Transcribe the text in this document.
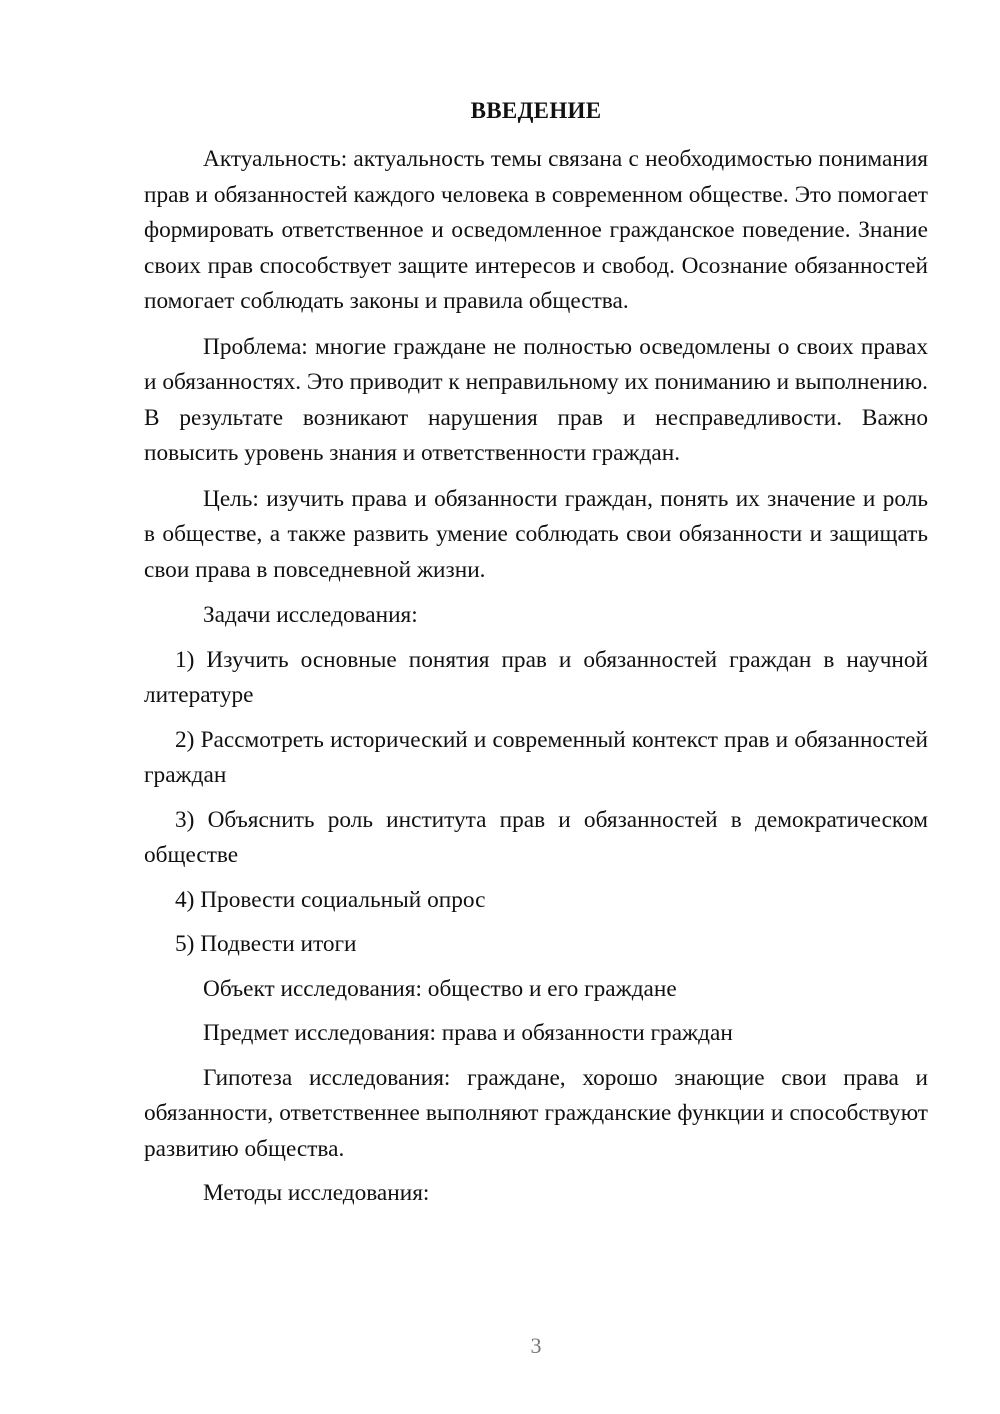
ВВЕДЕНИЕ

Актуальность: актуальность темы связана с необходимостью понимания прав и обязанностей каждого человека в современном обществе. Это помогает формировать ответственное и осведомленное гражданское поведение. Знание своих прав способствует защите интересов и свобод. Осознание обязанностей помогает соблюдать законы и правила общества.

Проблема: многие граждане не полностью осведомлены о своих правах и обязанностях. Это приводит к неправильному их пониманию и выполнению. В результате возникают нарушения прав и несправедливости. Важно повысить уровень знания и ответственности граждан.

Цель: изучить права и обязанности граждан, понять их значение и роль в обществе, а также развить умение соблюдать свои обязанности и защищать свои права в повседневной жизни.

Задачи исследования:

1) Изучить основные понятия прав и обязанностей граждан в научной литературе

2) Рассмотреть исторический и современный контекст прав и обязанностей граждан

3) Объяснить роль института прав и обязанностей в демократическом обществе

4) Провести социальный опрос

5) Подвести итоги

Объект исследования: общество и его граждане

Предмет исследования: права и обязанности граждан

Гипотеза исследования: граждане, хорошо знающие свои права и обязанности, ответственнее выполняют гражданские функции и способствуют развитию общества.

Методы исследования:

3
